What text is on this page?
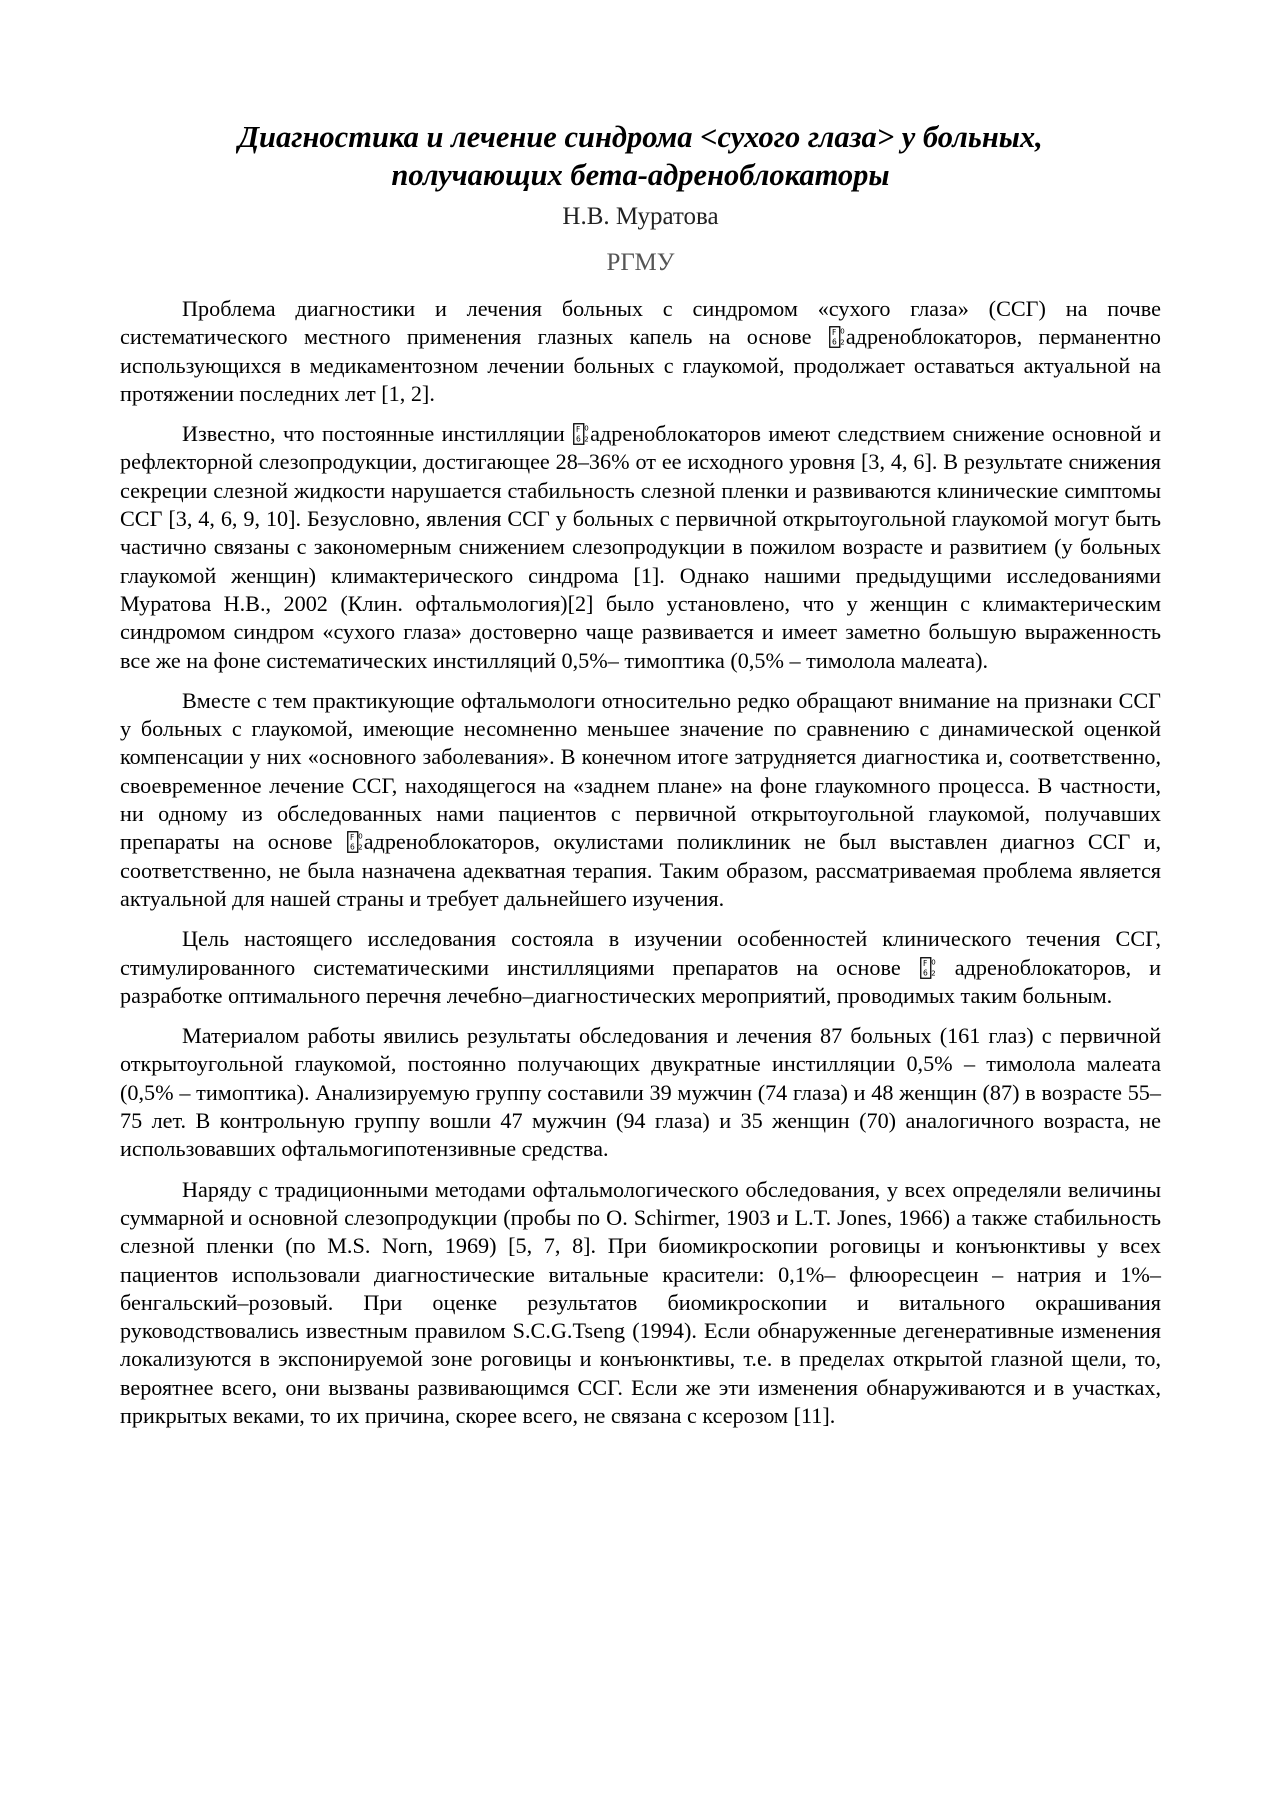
Диагностика и лечение синдрома <сухого глаза> у больных,
получающих бета-адреноблокаторы

Н.В. Муратова

РГМУ

Проблема диагностики и лечения больных с синдромом «сухого глаза» (ССГ) на почве систематического местного применения глазных капель на основе F 0
6 2 адреноблокаторов, перманентно использующихся в медикаментозном лечении больных с глаукомой, продолжает оставаться актуальной на протяжении последних лет [1, 2].

Известно, что постоянные инстилляции F 0
6 2 адреноблокаторов имеют следствием снижение основной и рефлекторной слезопродукции, достигающее 28–36% от ее исходного уровня [3, 4, 6]. В результате снижения секреции слезной жидкости нарушается стабильность слезной пленки и развиваются клинические симптомы ССГ [3, 4, 6, 9, 10]. Безусловно, явления ССГ у больных с первичной открытоугольной глаукомой могут быть частично связаны с закономерным снижением слезопродукции в пожилом возрасте и развитием (у больных глаукомой женщин) климактерического синдрома [1]. Однако нашими предыдущими исследованиями Муратова Н.В., 2002 (Клин. офтальмология)[2] было установлено, что у женщин с климактерическим синдромом синдром «сухого глаза» достоверно чаще развивается и имеет заметно большую выраженность все же на фоне систематических инстилляций 0,5%– тимоптика (0,5% – тимолола малеата).

Вместе с тем практикующие офтальмологи относительно редко обращают внимание на признаки ССГ у больных с глаукомой, имеющие несомненно меньшее значение по сравнению с динамической оценкой компенсации у них «основного заболевания». В конечном итоге затрудняется диагностика и, соответственно, своевременное лечение ССГ, находящегося на «заднем плане» на фоне глаукомного процесса. В частности, ни одному из обследованных нами пациентов с первичной открытоугольной глаукомой, получавших препараты на основе F 0
6 2 адреноблокаторов, окулистами поликлиник не был выставлен диагноз ССГ и, соответственно, не была назначена адекватная терапия. Таким образом, рассматриваемая проблема является актуальной для нашей страны и требует дальнейшего изучения.

Цель настоящего исследования состояла в изучении особенностей клинического течения ССГ, стимулированного систематическими инстилляциями препаратов на основе F 0
6 2 адреноблокаторов, и разработке оптимального перечня лечебно–диагностических мероприятий, проводимых таким больным.

Материалом работы явились результаты обследования и лечения 87 больных (161 глаз) с первичной открытоугольной глаукомой, постоянно получающих двукратные инстилляции 0,5% – тимолола малеата (0,5% – тимоптика). Анализируемую группу составили 39 мужчин (74 глаза) и 48 женщин (87) в возрасте 55–75 лет. В контрольную группу вошли 47 мужчин (94 глаза) и 35 женщин (70) аналогичного возраста, не использовавших офтальмогипотензивные средства.

Наряду с традиционными методами офтальмологического обследования, у всех определяли величины суммарной и основной слезопродукции (пробы по O. Schirmer, 1903 и L.T. Jones, 1966) а также стабильность слезной пленки (по M.S. Norn, 1969) [5, 7, 8]. При биомикроскопии роговицы и конъюнктивы у всех пациентов использовали диагностические витальные красители: 0,1%– флюоресцеин – натрия и 1%– бенгальский–розовый. При оценке результатов биомикроскопии и витального окрашивания руководствовались известным правилом S.C.G.Tseng (1994). Если обнаруженные дегенеративные изменения локализуются в экспонируемой зоне роговицы и конъюнктивы, т.е. в пределах открытой глазной щели, то, вероятнее всего, они вызваны развивающимся ССГ. Если же эти изменения обнаруживаются и в участках, прикрытых веками, то их причина, скорее всего, не связана с ксерозом [11].
